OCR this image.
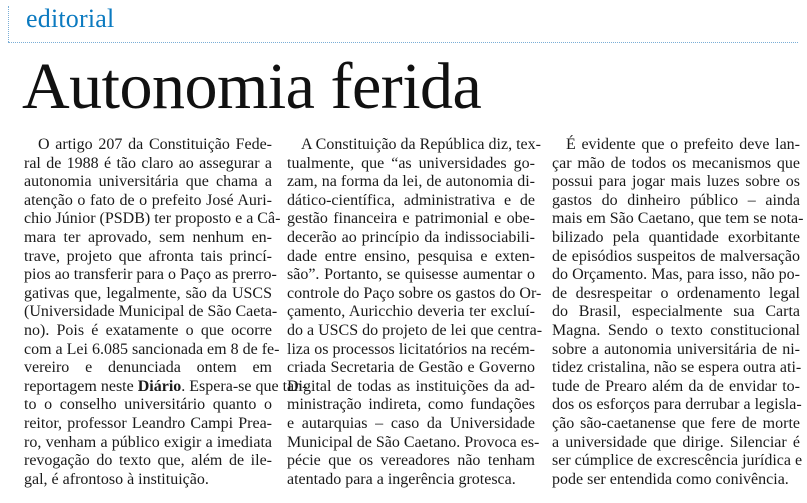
editorial
Autonomia ferida
O artigo 207 da Constituição Fede-
ral de 1988 é tão claro ao assegurar a
autonomia universitária que chama a
atenção o fato de o prefeito José Auri-
chio Júnior (PSDB) ter proposto e a Câ-
mara ter aprovado, sem nenhum en-
trave, projeto que afronta tais princí-
pios ao transferir para o Paço as prerro-
gativas que, legalmente, são da USCS
(Universidade Municipal de São Caeta-
no). Pois é exatamente o que ocorre
com a Lei 6.085 sancionada em 8 de fe-
vereiro e denunciada ontem em
reportagem neste Diário. Espera-se que tan-
to o conselho universitário quanto o
reitor, professor Leandro Campi Prea-
ro, venham a público exigir a imediata
revogação do texto que, além de ile-
gal, é afrontoso à instituição.
A Constituição da República diz, tex-
tualmente, que “as universidades go-
zam, na forma da lei, de autonomia di-
dático-científica, administrativa e de
gestão financeira e patrimonial e obe-
decerão ao princípio da indissociabili-
dade entre ensino, pesquisa e exten-
são”. Portanto, se quisesse aumentar o
controle do Paço sobre os gastos do Or-
çamento, Auricchio deveria ter excluí-
do a USCS do projeto de lei que centra-
liza os processos licitatórios na recém-
criada Secretaria de Gestão e Governo
Digital de todas as instituições da ad-
ministração indireta, como fundações
e autarquias – caso da Universidade
Municipal de São Caetano. Provoca es-
pécie que os vereadores não tenham
atentado para a ingerência grotesca.
É evidente que o prefeito deve lan-
çar mão de todos os mecanismos que
possui para jogar mais luzes sobre os
gastos do dinheiro público – ainda
mais em São Caetano, que tem se nota-
bilizado pela quantidade exorbitante
de episódios suspeitos de malversação
do Orçamento. Mas, para isso, não po-
de desrespeitar o ordenamento legal
do Brasil, especialmente sua Carta
Magna. Sendo o texto constitucional
sobre a autonomia universitária de ni-
tidez cristalina, não se espera outra ati-
tude de Prearo além da de envidar to-
dos os esforços para derrubar a legisla-
ção são-caetanense que fere de morte
a universidade que dirige. Silenciar é
ser cúmplice de excrescência jurídica e
pode ser entendida como conivência.
